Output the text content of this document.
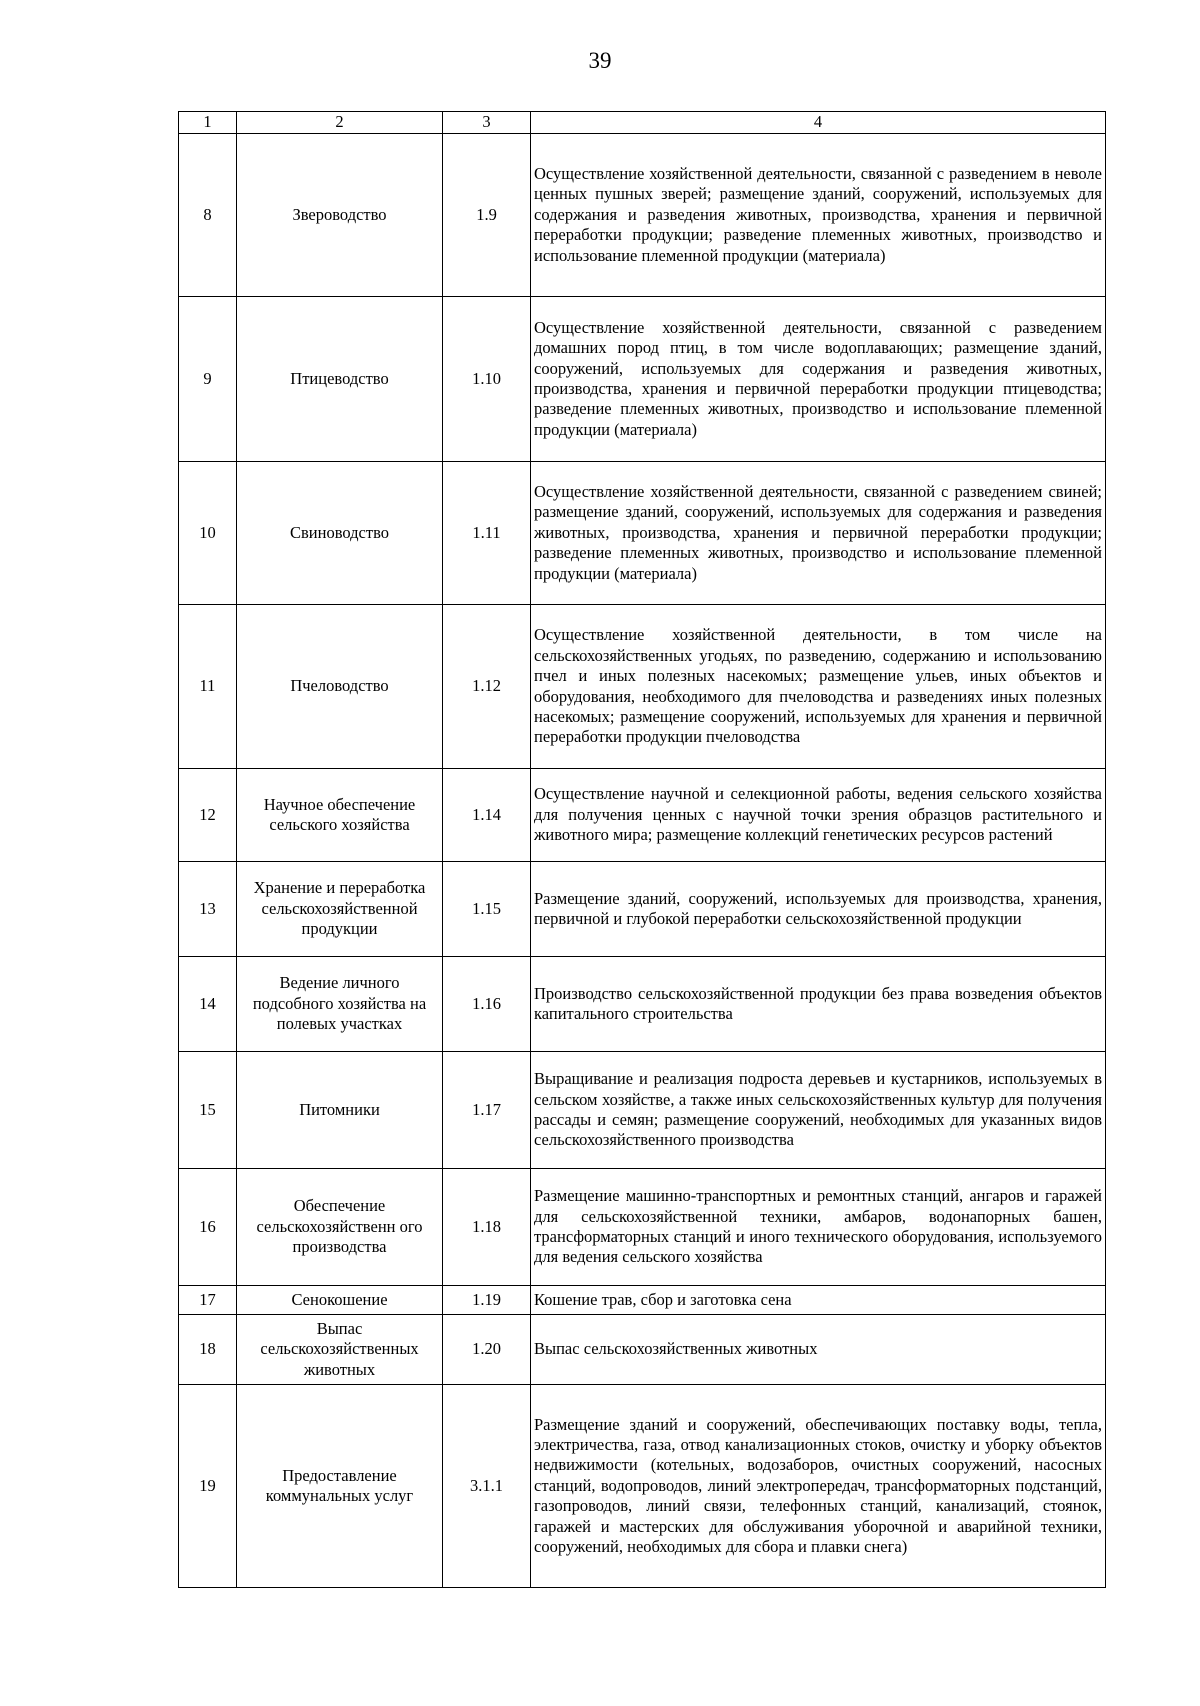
39
1	2	3	4
8	Звероводство	1.9	Осуществление хозяйственной деятельности, связанной с разведением в неволе ценных пушных зверей; размещение зданий, сооружений, используемых для содержания и разведения животных, производства, хранения и первичной переработки продукции; разведение племенных животных, производство и использование племенной продукции (материала)
9	Птицеводство	1.10	Осуществление хозяйственной деятельности, связанной с разведением домашних пород птиц, в том числе водоплавающих; размещение зданий, сооружений, используемых для содержания и разведения животных, производства, хранения и первичной переработки продукции птицеводства; разведение племенных животных, производство и использование племенной продукции (материала)
10	Свиноводство	1.11	Осуществление хозяйственной деятельности, связанной с разведением свиней; размещение зданий, сооружений, используемых для содержания и разведения животных, производства, хранения и первичной переработки продукции; разведение племенных животных, производство и использование племенной продукции (материала)
11	Пчеловодство	1.12	Осуществление хозяйственной деятельности, в том числе на сельскохозяйственных угодьях, по разведению, содержанию и использованию пчел и иных полезных насекомых; размещение ульев, иных объектов и оборудования, необходимого для пчеловодства и разведениях иных полезных насекомых; размещение сооружений, используемых для хранения и первичной переработки продукции пчеловодства
12	Научное обеспечение сельского хозяйства	1.14	Осуществление научной и селекционной работы, ведения сельского хозяйства для получения ценных с научной точки зрения образцов растительного и животного мира; размещение коллекций генетических ресурсов растений
13	Хранение и переработка сельскохозяйственной продукции	1.15	Размещение зданий, сооружений, используемых для производства, хранения, первичной и глубокой переработки сельскохозяйственной продукции
14	Ведение личного подсобного хозяйства на полевых участках	1.16	Производство сельскохозяйственной продукции без права возведения объектов капитального строительства
15	Питомники	1.17	Выращивание и реализация подроста деревьев и кустарников, используемых в сельском хозяйстве, а также иных сельскохозяйственных культур для получения рассады и семян; размещение сооружений, необходимых для указанных видов сельскохозяйственного производства
16	Обеспечение сельскохозяйственн ого производства	1.18	Размещение машинно-транспортных и ремонтных станций, ангаров и гаражей для сельскохозяйственной техники, амбаров, водонапорных башен, трансформаторных станций и иного технического оборудования, используемого для ведения сельского хозяйства
17	Сенокошение	1.19	Кошение трав, сбор и заготовка сена
18	Выпас сельскохозяйственных животных	1.20	Выпас сельскохозяйственных животных
19	Предоставление коммунальных услуг	3.1.1	Размещение зданий и сооружений, обеспечивающих поставку воды, тепла, электричества, газа, отвод канализационных стоков, очистку и уборку объектов недвижимости (котельных, водозаборов, очистных сооружений, насосных станций, водопроводов, линий электропередач, трансформаторных подстанций, газопроводов, линий связи, телефонных станций, канализаций, стоянок, гаражей и мастерских для обслуживания уборочной и аварийной техники, сооружений, необходимых для сбора и плавки снега)
